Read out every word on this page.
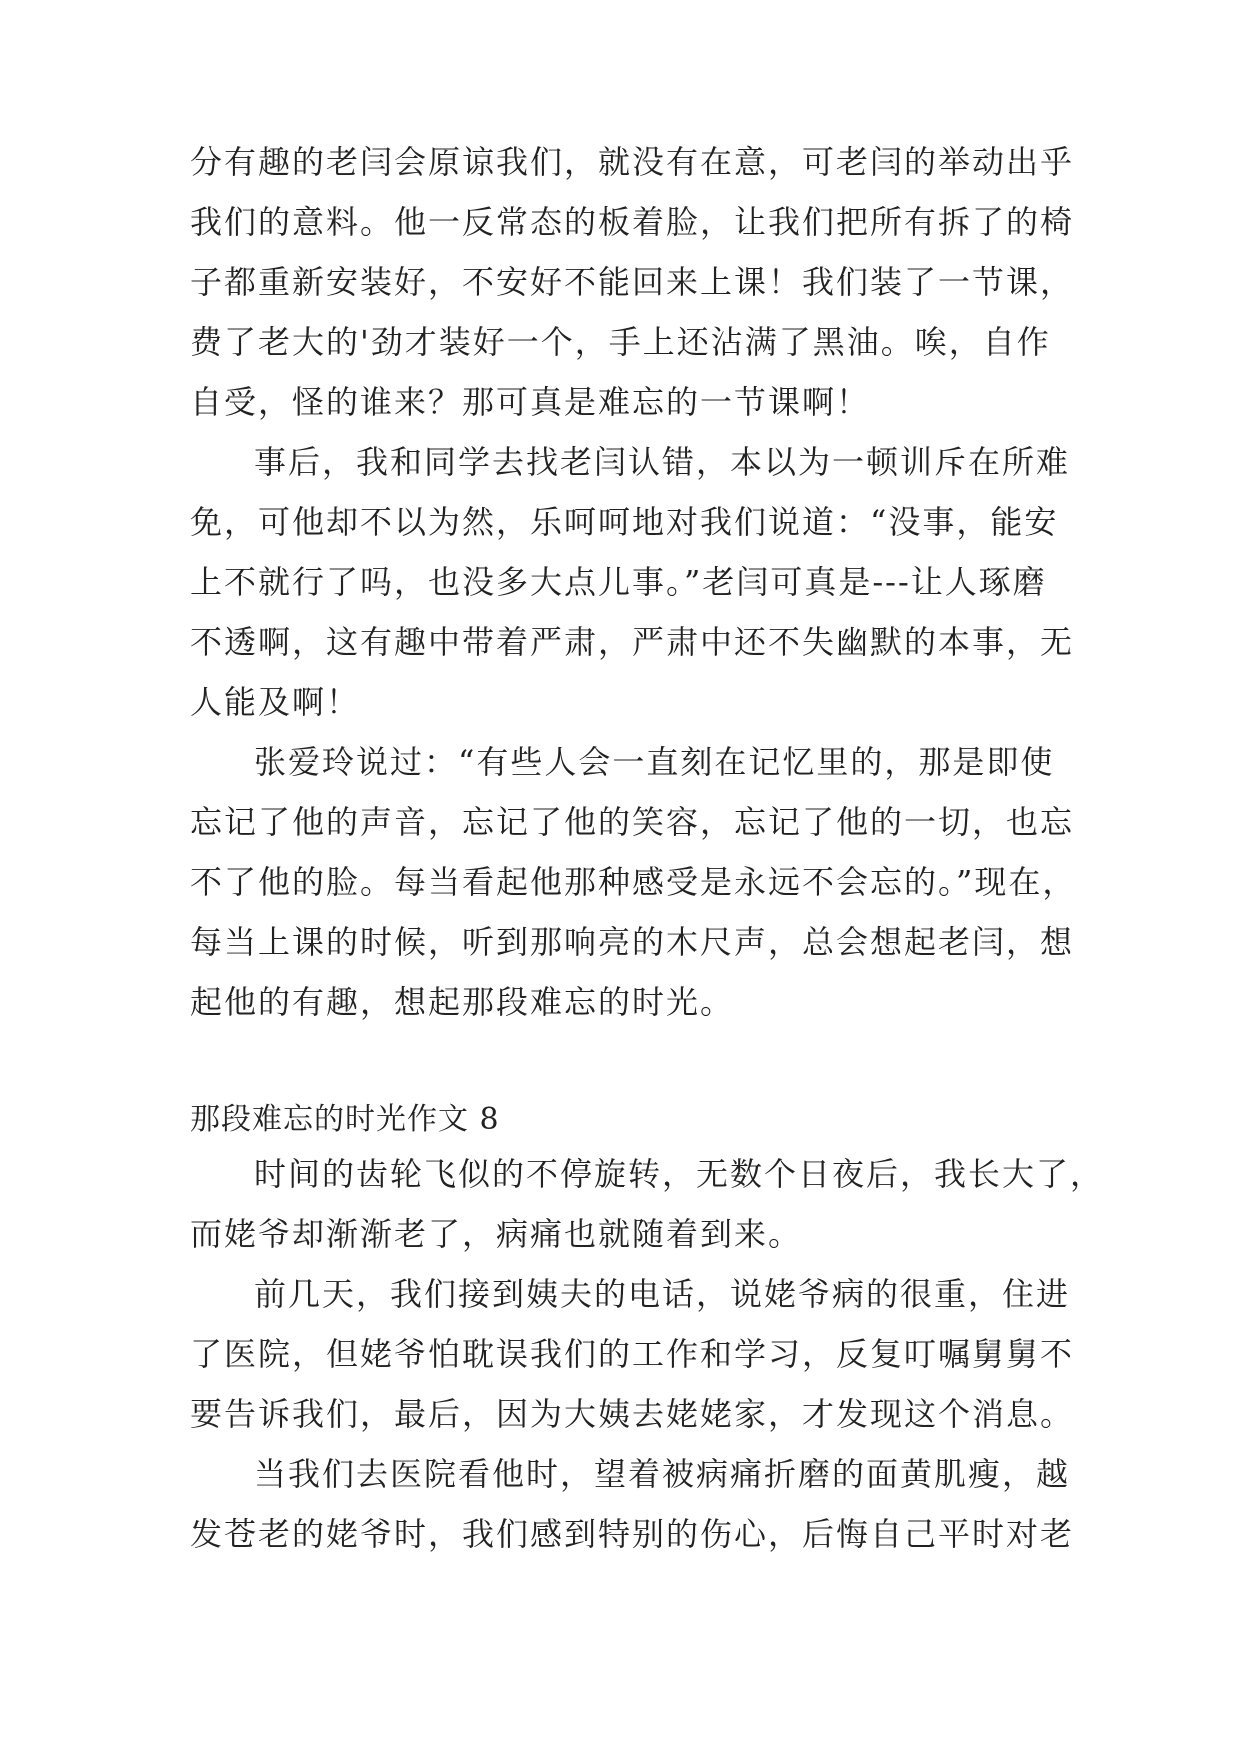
分有趣的老闫会原谅我们，就没有在意，可老闫的举动出乎
我们的意料。他一反常态的板着脸，让我们把所有拆了的椅
子都重新安装好，不安好不能回来上课！我们装了一节课，
费了老大的'劲才装好一个，手上还沾满了黑油。唉，自作
自受，怪的谁来？那可真是难忘的一节课啊！
事后，我和同学去找老闫认错，本以为一顿训斥在所难
免，可他却不以为然，乐呵呵地对我们说道：“没事，能安
上不就行了吗，也没多大点儿事。”老闫可真是---让人琢磨
不透啊，这有趣中带着严肃，严肃中还不失幽默的本事，无
人能及啊！
张爱玲说过：“有些人会一直刻在记忆里的，那是即使
忘记了他的声音，忘记了他的笑容，忘记了他的一切，也忘
不了他的脸。每当看起他那种感受是永远不会忘的。”现在，
每当上课的时候，听到那响亮的木尺声，总会想起老闫，想
起他的有趣，想起那段难忘的时光。
那段难忘的时光作文 8
时间的齿轮飞似的不停旋转，无数个日夜后，我长大了，
而姥爷却渐渐老了，病痛也就随着到来。
前几天，我们接到姨夫的电话，说姥爷病的很重，住进
了医院，但姥爷怕耽误我们的工作和学习，反复叮嘱舅舅不
要告诉我们，最后，因为大姨去姥姥家，才发现这个消息。
当我们去医院看他时，望着被病痛折磨的面黄肌瘦，越
发苍老的姥爷时，我们感到特别的伤心，后悔自己平时对老
